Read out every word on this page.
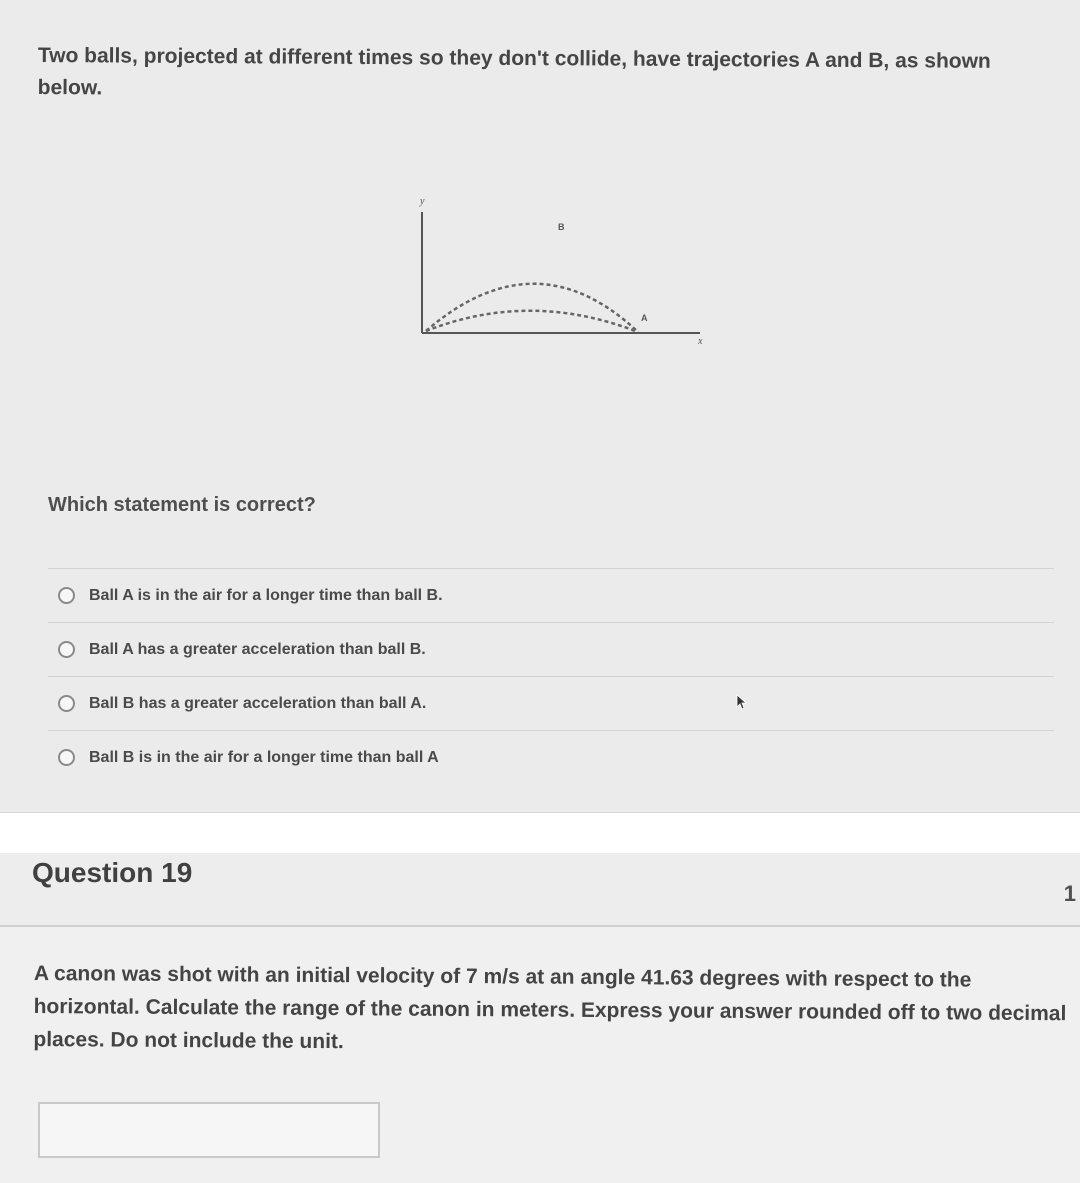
Two balls, projected at different times so they don't collide, have trajectories A and B, as shown below.
y
x
B
A
Which statement is correct?
Ball A is in the air for a longer time than ball B.
Ball A has a greater acceleration than ball B.
Ball B has a greater acceleration than ball A.
Ball B is in the air for a longer time than ball A
Question 19
1
A canon was shot with an initial velocity of 7 m/s at an angle 41.63 degrees with respect to the horizontal. Calculate the range of the canon in meters. Express your answer rounded off to two decimal places. Do not include the unit.
